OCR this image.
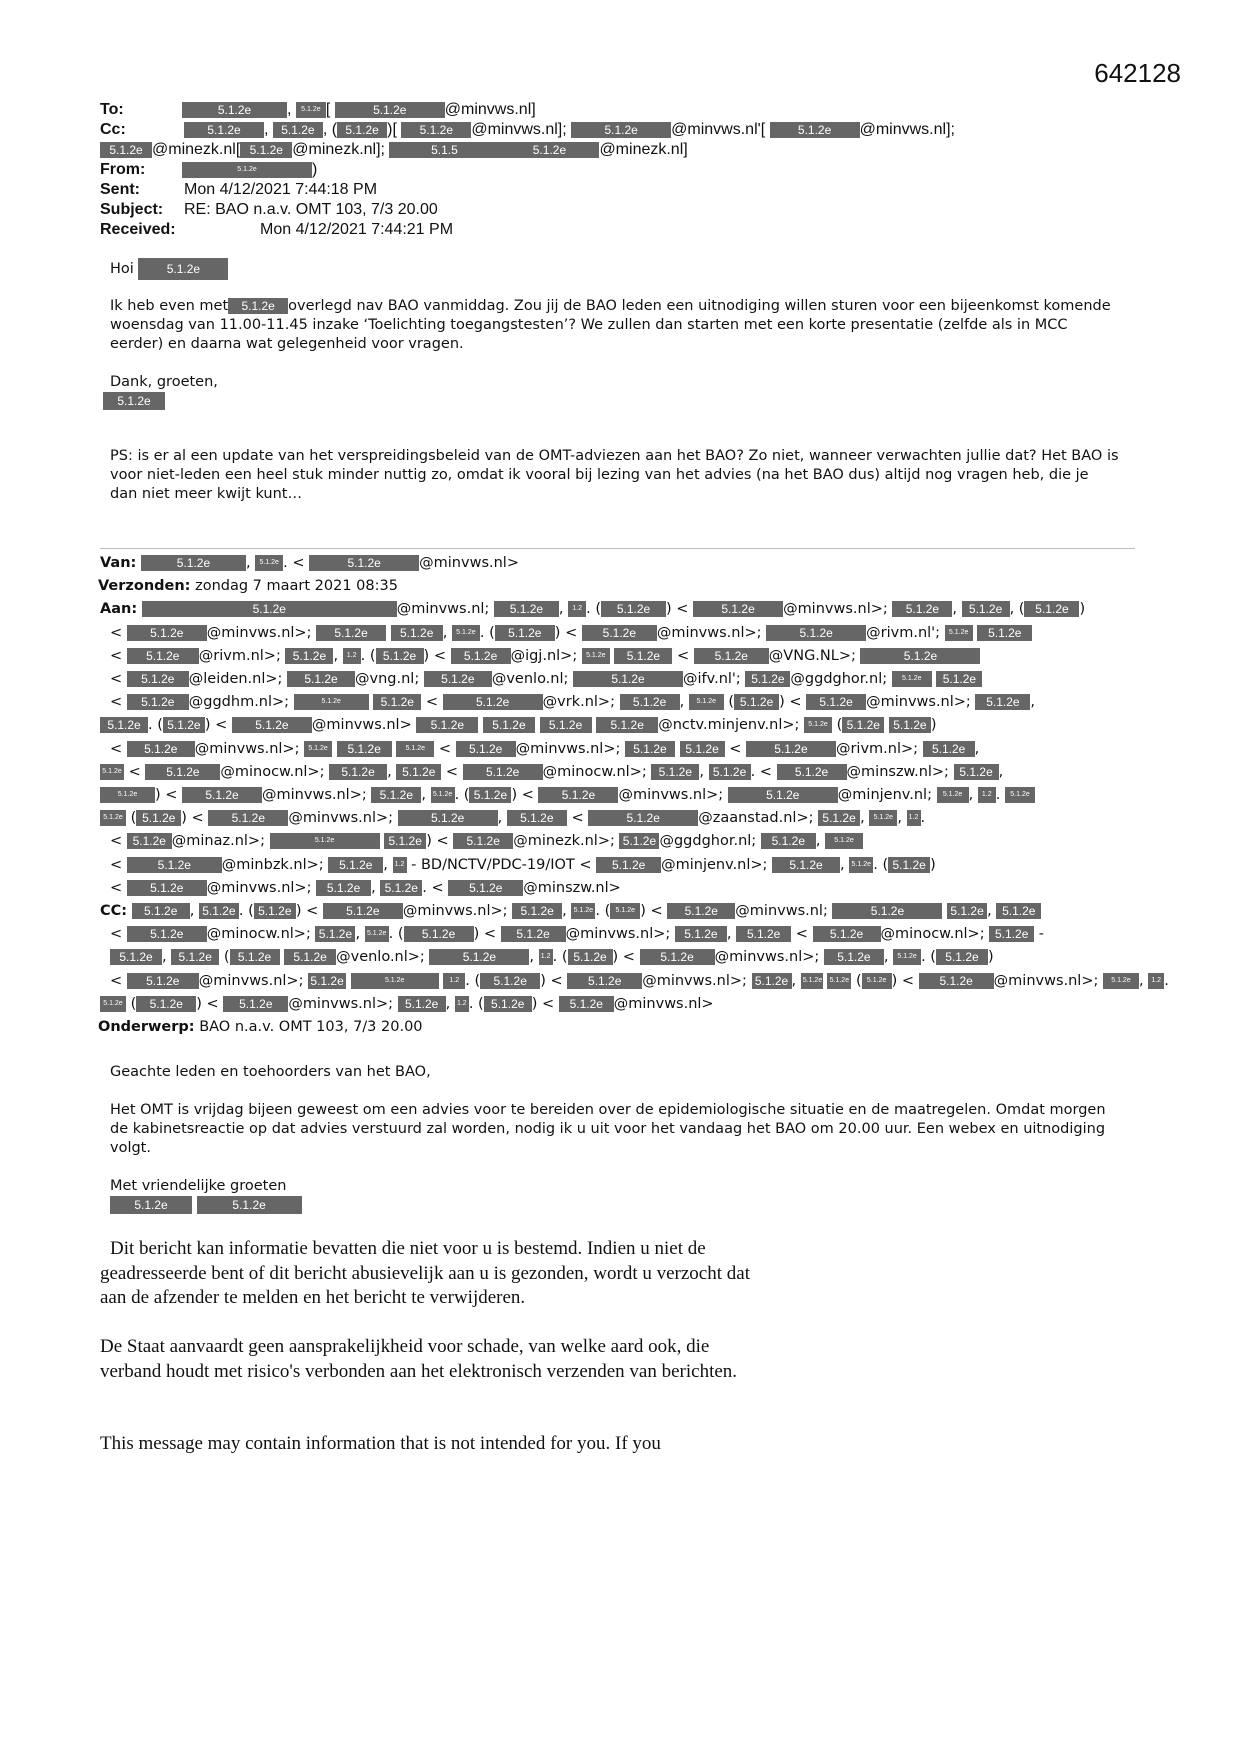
642128
To:	5.1.2e , 5.1.2e [	5.1.2e @minvws.nl]
Cc:	5.1.2e , 5.1.2e , ( 5.1.2e )[ 5.1.2e @minvws.nl];	5.1.2e @minvws.nl'[	5.1.2e @minvws.nl];
5.1.2e @minezk.nl[ 5.1.2e @minezk.nl];	5.1.5	5.1.2e @minezk.nl]
From:	5.1.2e	)
Sent:	Mon 4/12/2021 7:44:18 PM
Subject:	RE: BAO n.a.v. OMT 103, 7/3 20.00
Received:	Mon 4/12/2021 7:44:21 PM
Hoi	5.1.2e

Ik heb even met 5.1.2e overlegd nav BAO vanmiddag. Zou jij de BAO leden een uitnodiging willen sturen voor een bijeenkomst komende woensdag van 11.00-11.45 inzake ‘Toelichting toegangstesten’? We zullen dan starten met een korte presentatie (zelfde als in MCC eerder) en daarna wat gelegenheid voor vragen.

Dank, groeten,

5.1.2e

PS: is er al een update van het verspreidingsbeleid van de OMT-adviezen aan het BAO? Zo niet, wanneer verwachten jullie dat? Het BAO is voor niet-leden een heel stuk minder nuttig zo, omdat ik vooral bij lezing van het advies (na het BAO dus) altijd nog vragen heb, die je dan niet meer kwijt kunt…

Van:	5.1.2e , 5.1.2e . <	5.1.2e	@minvws.nl>
Verzonden: zondag 7 maart 2021 08:35
Aan:	5.1.2e	@minvws.nl; 5.1.2e , 1.2 . ( 5.1.2e ) < 5.1.2e @minvws.nl>; 5.1.2e , 5.1.2e , ( 5.1.2e )
< 5.1.2e @minvws.nl>; 5.1.2e	5.1.2e , 5.1.2e . ( 5.1.2e ) < 5.1.2e @minvws.nl>;	5.1.2e @rivm.nl'; 5.1.2e 5.1.2e
< 5.1.2e @rivm.nl>; 5.1.2e , 1.2 . ( 5.1.2e ) < 5.1.2e @igj.nl>; 5.1.2e 5.1.2e < 5.1.2e @VNG.NL>;	5.1.2e
< 5.1.2e @leiden.nl>; 5.1.2e @vng.nl; 5.1.2e @venlo.nl;	5.1.2e	@ifv.nl'; 5.1.2e @ggdghor.nl; 5.1.2e 5.1.2e
< 5.1.2e @ggdhm.nl>;	5.1.2e	5.1.2e <	5.1.2e @vrk.nl>; 5.1.2e , 5.1.2e ( 5.1.2e ) < 5.1.2e @minvws.nl>; 5.1.2e ,
5.1.2e . ( 5.1.2e ) < 5.1.2e @minvws.nl> 5.1.2e 5.1.2e 5.1.2e 5.1.2e @nctv.minjenv.nl>; 5.1.2e ( 5.1.2e 5.1.2e )
< 5.1.2e @minvws.nl>; 5.1.2e 5.1.2e	5.1.2e < 5.1.2e @minvws.nl>; 5.1.2e 5.1.2e < 5.1.2e @rivm.nl>; 5.1.2e ,
5.1.2e < 5.1.2e @minocw.nl>; 5.1.2e , 5.1.2e < 5.1.2e @minocw.nl>; 5.1.2e , 5.1.2e . < 5.1.2e @minszw.nl>; 5.1.2e ,
5.1.2e ) < 5.1.2e @minvws.nl>; 5.1.2e , 5.1.2e . ( 5.1.2e ) < 5.1.2e @minvws.nl>;	5.1.2e	@minjenv.nl; 5.1.2e , 1.2 . 5.1.2e
5.1.2e ( 5.1.2e ) < 5.1.2e @minvws.nl>;	5.1.2e , 5.1.2e <	5.1.2e	@zaanstad.nl>; 5.1.2e , 5.1.2e , 1.2 .
< 5.1.2e @minaz.nl>;	5.1.2e	5.1.2e ) < 5.1.2e @minezk.nl>; 5.1.2e @ggdghor.nl; 5.1.2e , 5.1.2e
<	5.1.2e @minbzk.nl>; 5.1.2e , 1.2 - BD/NCTV/PDC-19/IOT < 5.1.2e @minjenv.nl>; 5.1.2e , 5.1.2e . ( 5.1.2e )
< 5.1.2e @minvws.nl>; 5.1.2e , 5.1.2e . < 5.1.2e @minszw.nl>
CC: 5.1.2e , 5.1.2e . ( 5.1.2e ) < 5.1.2e @minvws.nl>; 5.1.2e , 5.1.2e . ( 5.1.2e ) < 5.1.2e @minvws.nl;	5.1.2e	5.1.2e , 5.1.2e
< 5.1.2e @minocw.nl>; 5.1.2e , 5.1.2e . ( 5.1.2e ) < 5.1.2e @minvws.nl>; 5.1.2e , 5.1.2e < 5.1.2e @minocw.nl>; 5.1.2e -
5.1.2e , 5.1.2e ( 5.1.2e 5.1.2e @venlo.nl>;	5.1.2e , 1.2 . ( 5.1.2e ) < 5.1.2e @minvws.nl>; 5.1.2e , 5.1.2e . ( 5.1.2e )
< 5.1.2e @minvws.nl>; 5.1.2e	5.1.2e	1.2 . ( 5.1.2e ) < 5.1.2e @minvws.nl>; 5.1.2e , 5.1.2e 5.1.2e ( 5.1.2e ) < 5.1.2e @minvws.nl>; 5.1.2e , 1.2 .
5.1.2e ( 5.1.2e ) < 5.1.2e @minvws.nl>; 5.1.2e , 1.2 . ( 5.1.2e ) < 5.1.2e @minvws.nl>
Onderwerp: BAO n.a.v. OMT 103, 7/3 20.00

Geachte leden en toehoorders van het BAO,

Het OMT is vrijdag bijeen geweest om een advies voor te bereiden over de epidemiologische situatie en de maatregelen. Omdat morgen de kabinetsreactie op dat advies verstuurd zal worden, nodig ik u uit voor het vandaag het BAO om 20.00 uur. Een webex en uitnodiging volgt.

Met vriendelijke groeten

5.1.2e	5.1.2e
Dit bericht kan informatie bevatten die niet voor u is bestemd. Indien u niet de geadresseerde bent of dit bericht abusievelijk aan u is gezonden, wordt u verzocht dat aan de afzender te melden en het bericht te verwijderen.
De Staat aanvaardt geen aansprakelijkheid voor schade, van welke aard ook, die verband houdt met risico's verbonden aan het elektronisch verzenden van berichten.
This message may contain information that is not intended for you. If you
